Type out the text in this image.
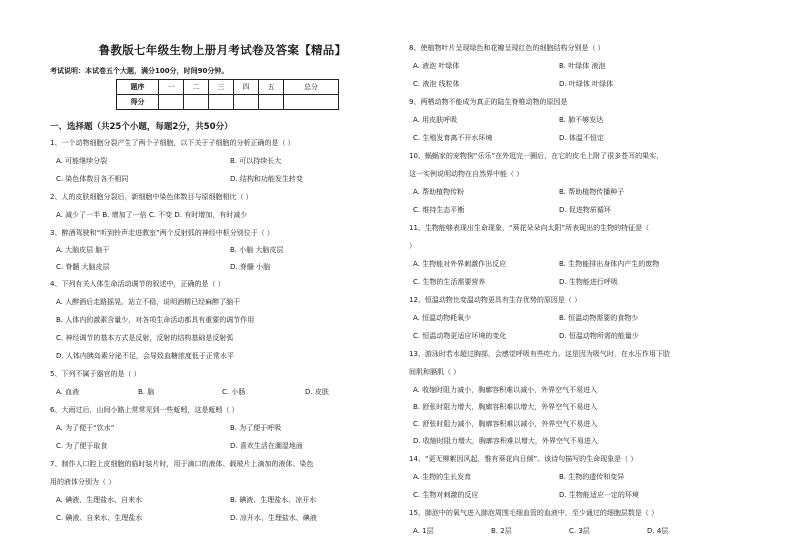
鲁教版七年级生物上册月考试卷及答案【精品】
考试说明：本试卷五个大题，满分100分，时间90分钟。
题序	一	二	三	四	五	总分
得分						
一、选择题（共25个小题，每题2分，共50分）
1、一个动物细胞分裂产生了两个子细胞，以下关于子细胞的分析正确的是（ ）
A. 可能继续分裂	B. 可以持续长大
C. 染色体数目各不相同	D. 结构和功能发生转变
2、人的皮肤细胞分裂后，新细胞中染色体数目与原细胞相比（ ）
A. 减少了一半 B. 增加了一倍 C. 不变 D. 有时增加，有时减少
3、醉酒驾驶和“听到铃声走进教室”两个反射弧的神经中枢分别位于（ ）
A. 大脑皮层 脑干	B. 小脑 大脑皮层
C. 脊髓 大脑皮层	D. 脊髓 小脑
4、下列有关人体生命活动调节的叙述中，正确的是（ ）
A. 人醉酒后走路摇晃、站立不稳，说明酒精已经麻醉了脑干
B. 人体内的激素含量少，对各项生命活动都具有重要的调节作用
C. 神经调节的基本方式是反射，反射的结构基础是反射弧
D. 人体内胰岛素分泌不足，会导致血糖浓度低于正常水平
5、下列不属于器官的是（ ）
A. 血液	B. 脑	C. 小肠	D. 皮肤
6、大雨过后，山间小路上常常见到一些蚯蚓，这是蚯蚓（ ）
A. 为了便于“饮水”	B. 为了便于呼吸
C. 为了便于取食	D. 喜欢生活在潮湿地面
7、制作人口腔上皮细胞的临时装片时，用于滴口的液体、载玻片上滴加的液体、染色
用的液体分别为（ ）
A. 碘液、生理盐水、自来水	B. 碘液、生理盐水、凉开水
C. 碘液、自来水、生理盐水	D. 凉开水、生理盐水、碘液
8、使植物叶片呈现绿色和花瓣呈现红色的细胞结构分别是（ ）
A. 液泡 叶绿体	B. 叶绿体 液泡
C. 液泡 线粒体	D. 叶绿体 叶绿体
9、两栖动物不能成为真正的陆生脊椎动物的原因是
A. 用皮肤呼吸	B. 肺不够发达
C. 生殖发育离不开水环境	D. 体温不恒定
10、蜗蜗家的宠物狗“乐乐”在外逛完一圈后，在它的皮毛上附了很多苍耳的果实，
这一实例说明动物在自然界中能（ ）
A. 帮助植物传粉	B. 帮助植物传播种子
C. 维持生态平衡	D. 促进物质循环
11、生物能够表现出生命现象，“葵花朵朵向太阳”所表现出的生物的特征是（
）
A. 生物能对外界刺激作出反应	B. 生物能排出身体内产生的废物
C. 生物的生活需要营养	D. 生物能进行呼吸
12、恒温动物比变温动物更具有生存优势的原因是（ ）
A. 恒温动物耗氧少	B. 恒温动物需要的食物少
C. 恒温动物更适应环境的变化	D. 恒温动物所需的能量少
13、游泳时若水超过胸部，会感觉呼吸有些吃力。这是因为吸气时，在水压作用下肋
间肌和膈肌（ ）
A. 收缩时阻力减小，胸廓容积难以减小，外界空气不易进入
B. 舒张时阻力增大，胸廓容积难以增大，外界空气不易进入
C. 舒张时阻力减小，胸廓容积难以减小，外界空气不易进入
D. 收缩时阻力增大，胸廓容积难以增大，外界空气不易进入
14、“更无柳絮因风起，惟有葵花向日倾”。该诗句描写的生命现象是（ ）
A. 生物的生长发育	B. 生物的遗传和变异
C. 生物对刺激的反应	D. 生物能适应一定的环境
15、肺泡中的氧气进入肺泡周围毛细血管的血液中，至少通过的细胞层数是（ ）
A. 1层	B. 2层	C. 3层	D. 4层
